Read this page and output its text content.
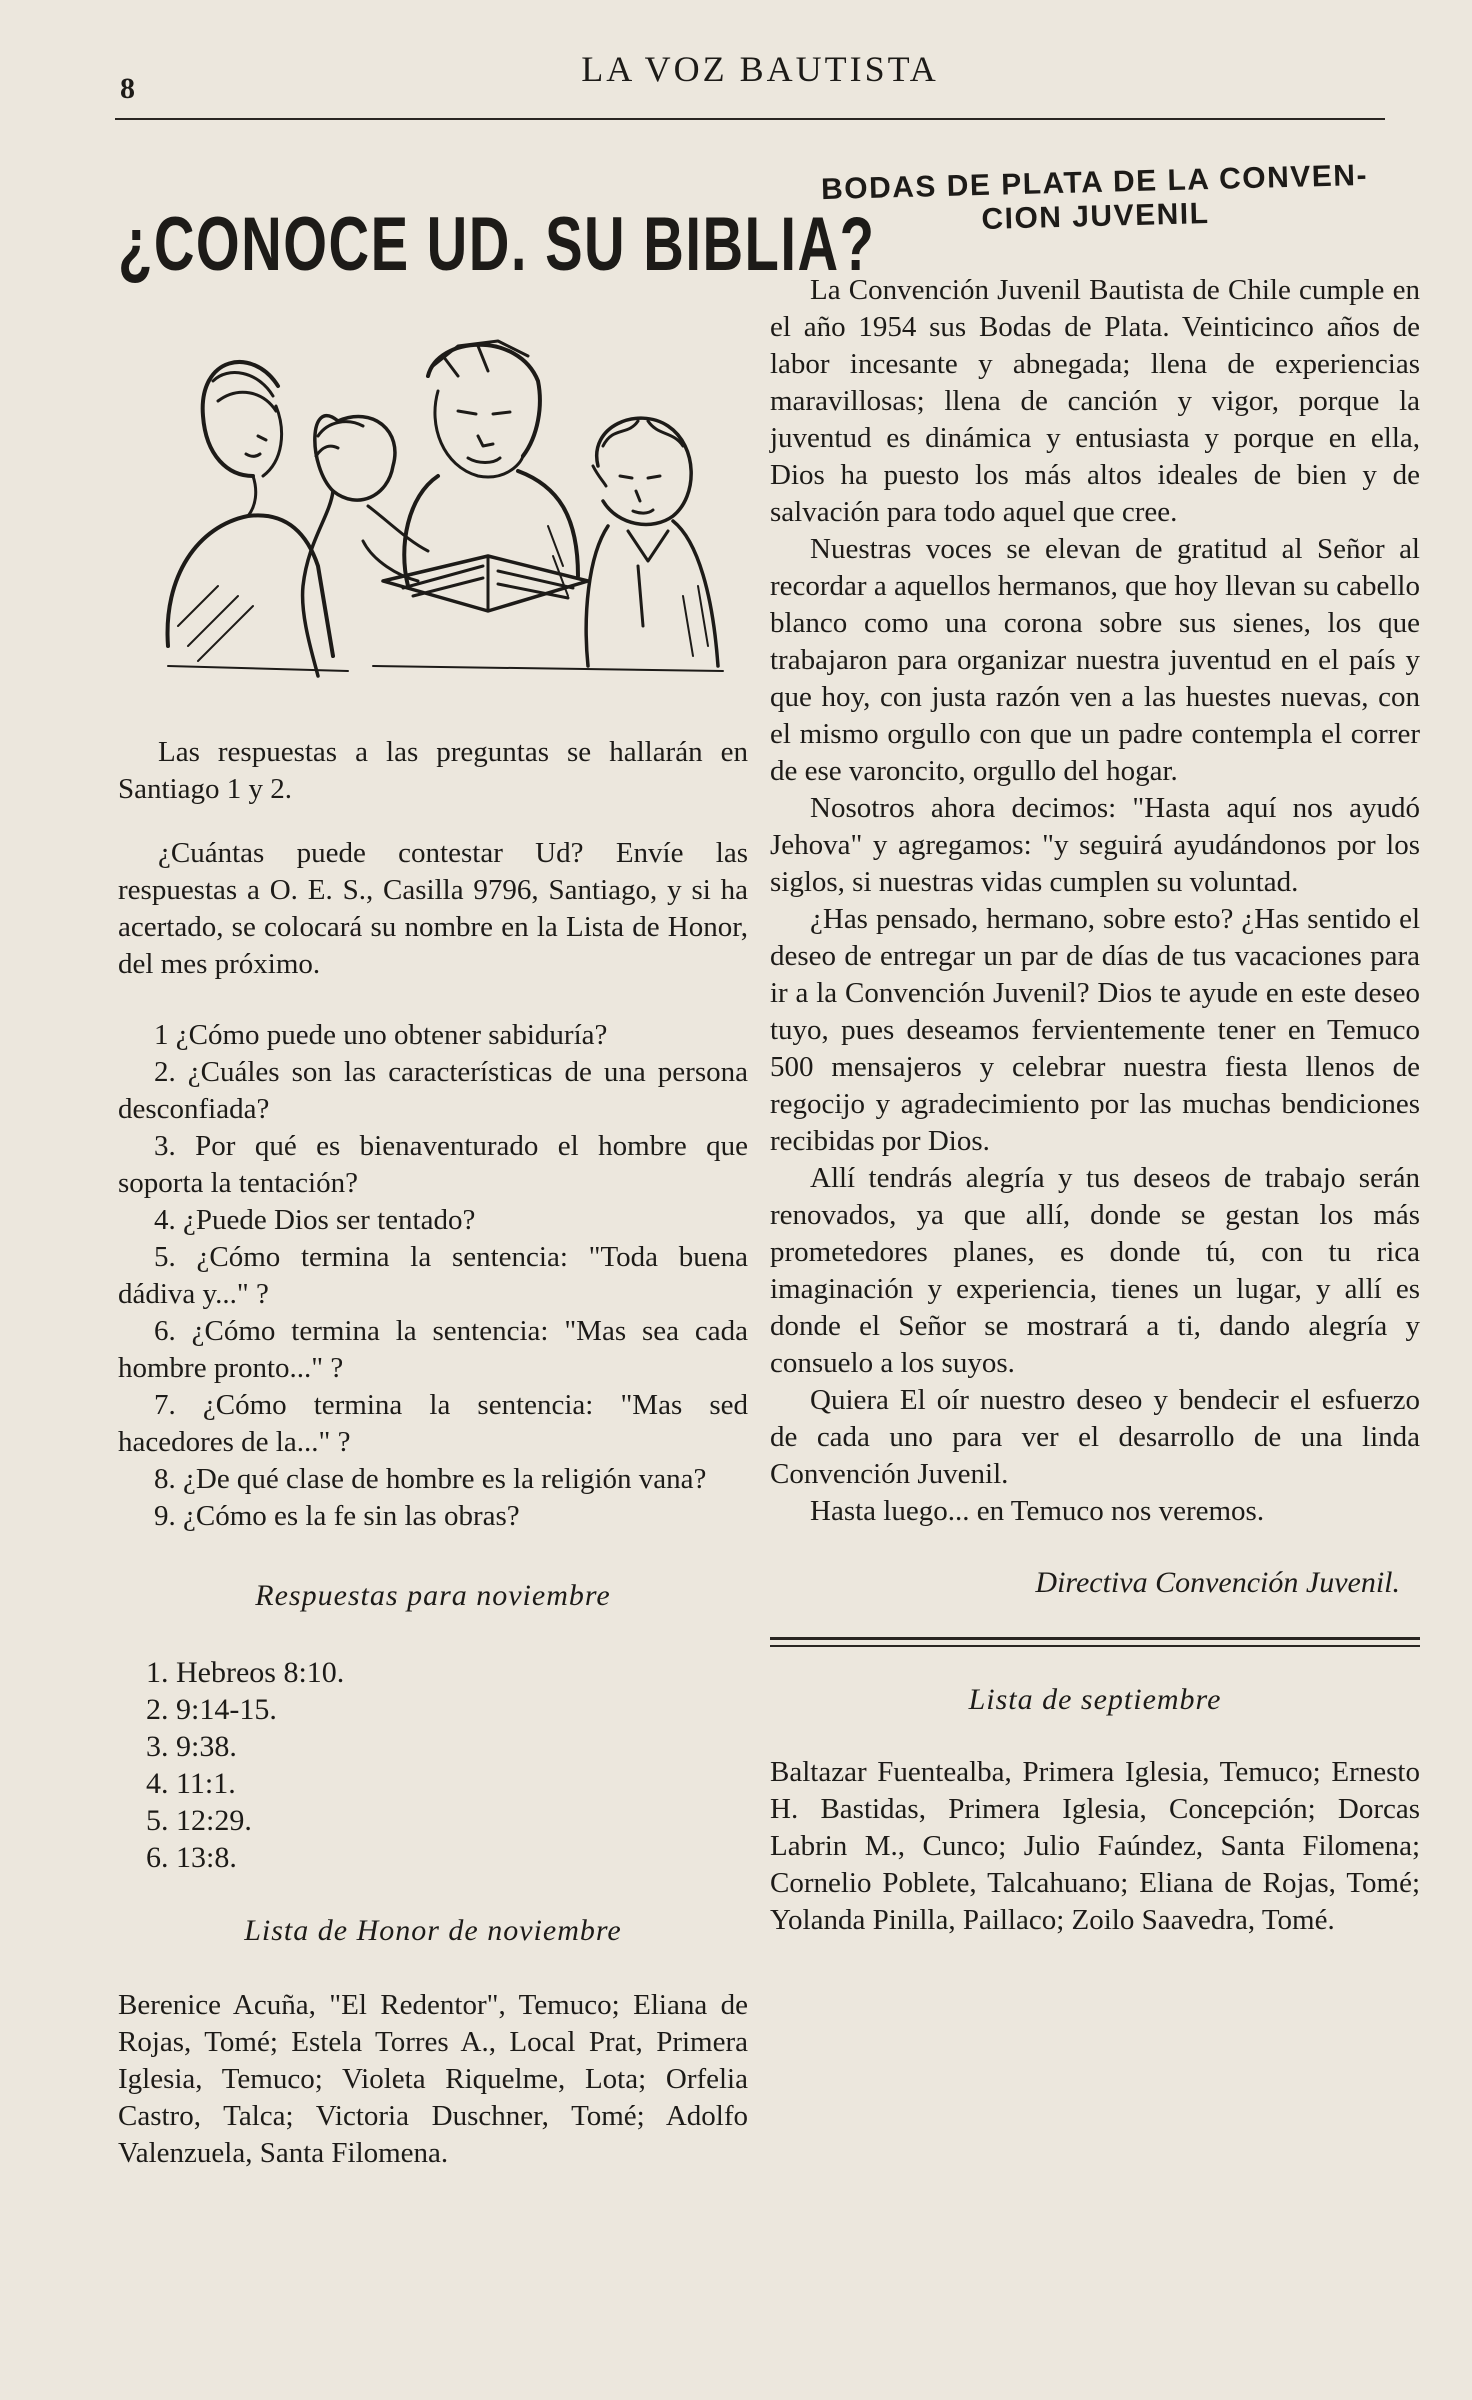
8	LA VOZ BAUTISTA
¿CONOCE UD. SU BIBLIA?

Las respuestas a las preguntas se hallarán en Santiago 1 y 2.

¿Cuántas puede contestar Ud? Envíe las respuestas a O. E. S., Casilla 9796, Santiago, y si ha acertado, se colocará su nombre en la Lista de Honor, del mes próximo.

1 ¿Cómo puede uno obtener sabiduría?
2. ¿Cuáles son las características de una persona desconfiada?
3. Por qué es bienaventurado el hombre que soporta la tentación?
4. ¿Puede Dios ser tentado?
5. ¿Cómo termina la sentencia: "Toda buena dádiva y..." ?
6. ¿Cómo termina la sentencia: "Mas sea cada hombre pronto..." ?
7. ¿Cómo termina la sentencia: "Mas sed hacedores de la..." ?
8. ¿De qué clase de hombre es la religión vana?
9. ¿Cómo es la fe sin las obras?

Respuestas para noviembre

1. Hebreos 8:10.
2. 9:14-15.
3. 9:38.
4. 11:1.
5. 12:29.
6. 13:8.

Lista de Honor de noviembre

Berenice Acuña, "El Redentor", Temuco; Eliana de Rojas, Tomé; Estela Torres A., Local Prat, Primera Iglesia, Temuco; Violeta Riquelme, Lota; Orfelia Castro, Talca; Victoria Duschner, Tomé; Adolfo Valenzuela, Santa Filomena.

BODAS DE PLATA DE LA CONVEN-
CION JUVENIL

La Convención Juvenil Bautista de Chile cumple en el año 1954 sus Bodas de Plata. Veinticinco años de labor incesante y abnegada; llena de experiencias maravillosas; llena de canción y vigor, porque la juventud es dinámica y entusiasta y porque en ella, Dios ha puesto los más altos ideales de bien y de salvación para todo aquel que cree.

Nuestras voces se elevan de gratitud al Señor al recordar a aquellos hermanos, que hoy llevan su cabello blanco como una corona sobre sus sienes, los que trabajaron para organizar nuestra juventud en el país y que hoy, con justa razón ven a las huestes nuevas, con el mismo orgullo con que un padre contempla el correr de ese varoncito, orgullo del hogar.

Nosotros ahora decimos: "Hasta aquí nos ayudó Jehova" y agregamos: "y seguirá ayudándonos por los siglos, si nuestras vidas cumplen su voluntad.

¿Has pensado, hermano, sobre esto? ¿Has sentido el deseo de entregar un par de días de tus vacaciones para ir a la Convención Juvenil? Dios te ayude en este deseo tuyo, pues deseamos fervientemente tener en Temuco 500 mensajeros y celebrar nuestra fiesta llenos de regocijo y agradecimiento por las muchas bendiciones recibidas por Dios.

Allí tendrás alegría y tus deseos de trabajo serán renovados, ya que allí, donde se gestan los más prometedores planes, es donde tú, con tu rica imaginación y experiencia, tienes un lugar, y allí es donde el Señor se mostrará a ti, dando alegría y consuelo a los suyos.

Quiera El oír nuestro deseo y bendecir el esfuerzo de cada uno para ver el desarrollo de una linda Convención Juvenil.

Hasta luego... en Temuco nos veremos.

Directiva Convención Juvenil.

Lista de septiembre

Baltazar Fuentealba, Primera Iglesia, Temuco; Ernesto H. Bastidas, Primera Iglesia, Concepción; Dorcas Labrin M., Cunco; Julio Faúndez, Santa Filomena; Cornelio Poblete, Talcahuano; Eliana de Rojas, Tomé; Yolanda Pinilla, Paillaco; Zoilo Saavedra, Tomé.
